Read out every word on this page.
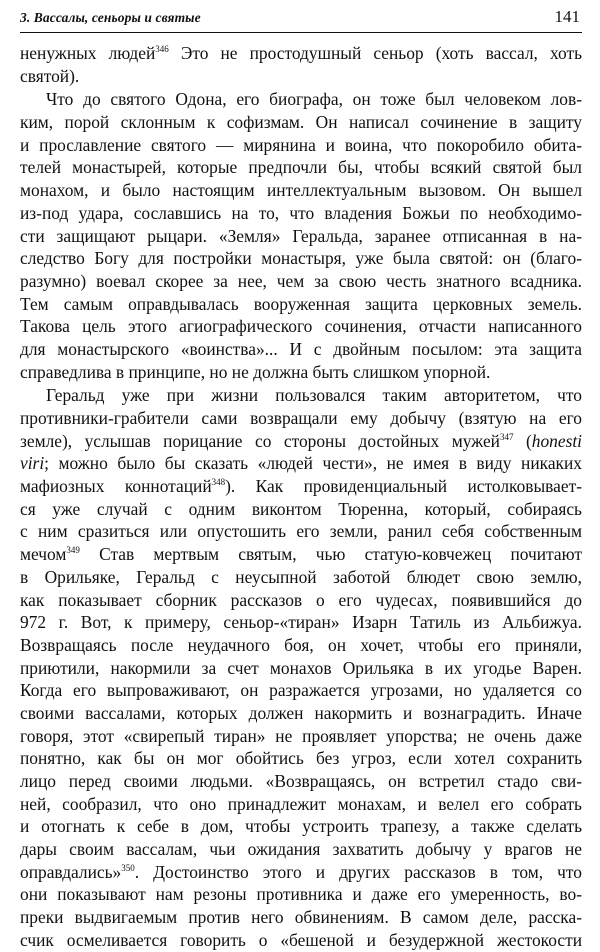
3. Вассалы, сеньоры и святые	141
ненужных людей$^{346}$ Это не простодушный сеньор (хоть вассал, хоть
святой).
Что до святого Одона, его биографа, он тоже был человеком лов-
ким, порой склонным к софизмам. Он написал сочинение в защиту
и прославление святого — мирянина и воина, что покоробило обита-
телей монастырей, которые предпочли бы, чтобы всякий святой был
монахом, и было настоящим интеллектуальным вызовом. Он вышел
из-под удара, сославшись на то, что владения Божьи по необходимо-
сти защищают рыцари. «Земля» Геральда, заранее отписанная в на-
следство Богу для постройки монастыря, уже была святой: он (благо-
разумно) воевал скорее за нее, чем за свою честь знатного всадника.
Тем самым оправдывалась вооруженная защита церковных земель.
Такова цель этого агиографического сочинения, отчасти написанного
для монастырского «воинства»... И с двойным посылом: эта защита
справедлива в принципе, но не должна быть слишком упорной.
Геральд уже при жизни пользовался таким авторитетом, что
противники-грабители сами возвращали ему добычу (взятую на его
земле), услышав порицание со стороны достойных мужей$^{347}$ (honesti
viri; можно было бы сказать «людей чести», не имея в виду никаких
мафиозных коннотаций$^{348}$). Как провиденциальный истолковывает-
ся уже случай с одним виконтом Тюренна, который, собираясь
с ним сразиться или опустошить его земли, ранил себя собственным
мечом$^{349}$ Став мертвым святым, чью статую-ковчежец почитают
в Орильяке, Геральд с неусыпной заботой блюдет свою землю,
как показывает сборник рассказов о его чудесах, появившийся до
972 г. Вот, к примеру, сеньор-«тиран» Изарн Татиль из Альбижуа.
Возвращаясь после неудачного боя, он хочет, чтобы его приняли,
приютили, накормили за счет монахов Орильяка в их угодье Варен.
Когда его выпроваживают, он разражается угрозами, но удаляется со
своими вассалами, которых должен накормить и вознаградить. Иначе
говоря, этот «свирепый тиран» не проявляет упорства; не очень даже
понятно, как бы он мог обойтись без угроз, если хотел сохранить
лицо перед своими людьми. «Возвращаясь, он встретил стадо сви-
ней, сообразил, что оно принадлежит монахам, и велел его собрать
и отогнать к себе в дом, чтобы устроить трапезу, а также сделать
дары своим вассалам, чьи ожидания захватить добычу у врагов не
оправдались»$^{350}$. Достоинство этого и других рассказов в том, что
они показывают нам резоны противника и даже его умеренность, во-
преки выдвигаемым против него обвинениям. В самом деле, расска-
счик осмеливается говорить о «бешеной и безудержной жестокости
